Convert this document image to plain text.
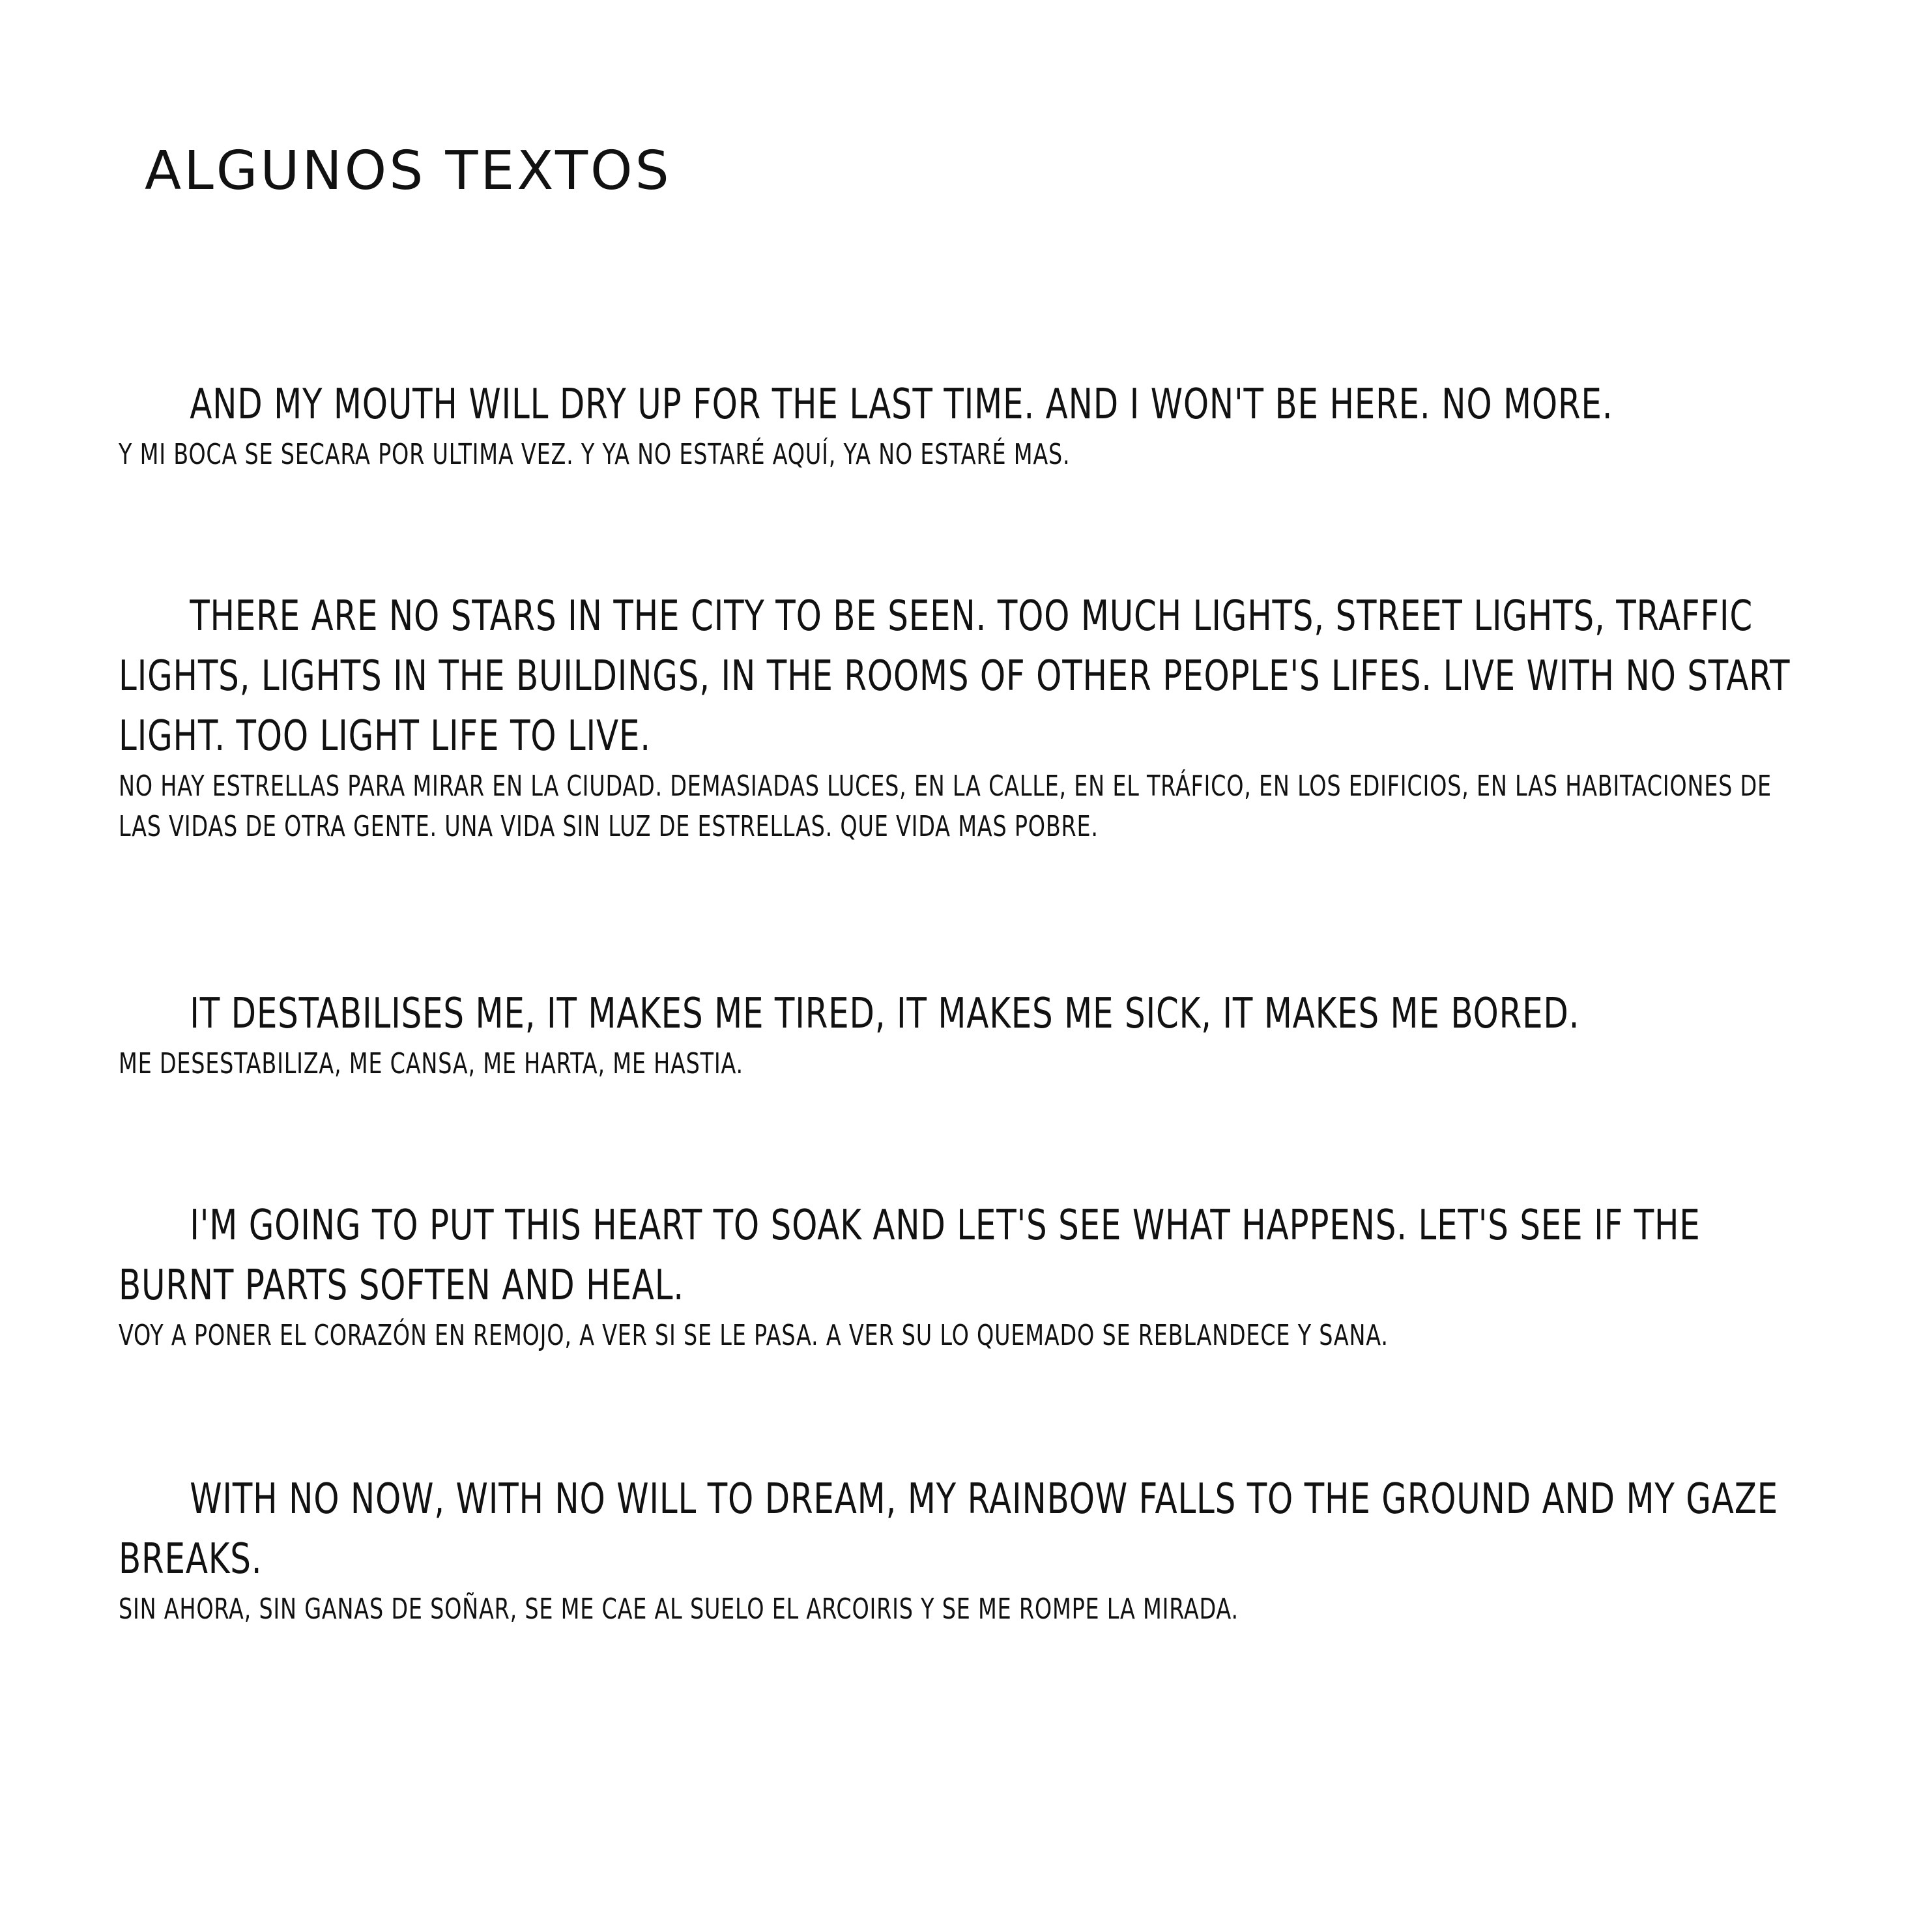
ALGUNOS TEXTOS

AND MY MOUTH WILL DRY UP FOR THE LAST TIME. AND I WON'T BE HERE. NO MORE.

Y MI BOCA SE SECARA POR ULTIMA VEZ. Y YA NO ESTARÉ AQUÍ, YA NO ESTARÉ MAS.

THERE ARE NO STARS IN THE CITY TO BE SEEN. TOO MUCH LIGHTS, STREET LIGHTS, TRAFFIC LIGHTS, LIGHTS IN THE BUILDINGS, IN THE ROOMS OF OTHER PEOPLE'S LIFES. LIVE WITH NO START LIGHT. TOO LIGHT LIFE TO LIVE.

NO HAY ESTRELLAS PARA MIRAR EN LA CIUDAD. DEMASIADAS LUCES, EN LA CALLE, EN EL TRÁFICO, EN LOS EDIFICIOS, EN LAS HABITACIONES DE LAS VIDAS DE OTRA GENTE. UNA VIDA SIN LUZ DE ESTRELLAS. QUE VIDA MAS POBRE.

IT DESTABILISES ME, IT MAKES ME TIRED, IT MAKES ME SICK, IT MAKES ME BORED.

ME DESESTABILIZA, ME CANSA, ME HARTA, ME HASTIA.

I'M GOING TO PUT THIS HEART TO SOAK AND LET'S SEE WHAT HAPPENS. LET'S SEE IF THE BURNT PARTS SOFTEN AND HEAL.

VOY A PONER EL CORAZÓN EN REMOJO, A VER SI SE LE PASA. A VER SU LO QUEMADO SE REBLANDECE Y SANA.

WITH NO NOW, WITH NO WILL TO DREAM, MY RAINBOW FALLS TO THE GROUND AND MY GAZE BREAKS.

SIN AHORA, SIN GANAS DE SOÑAR, SE ME CAE AL SUELO EL ARCOIRIS Y SE ME ROMPE LA MIRADA.
